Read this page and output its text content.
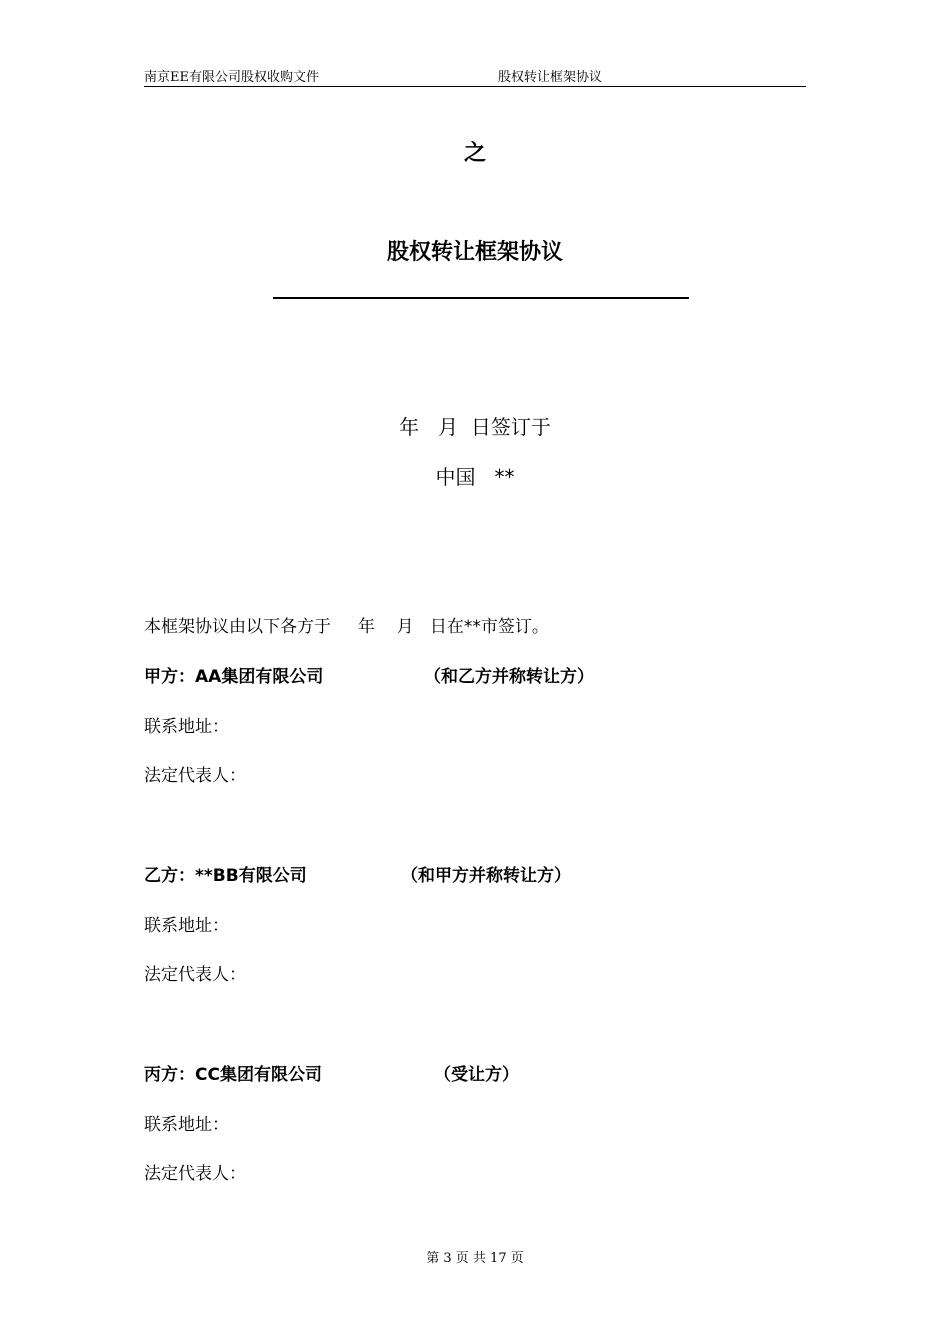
南京EE有限公司股权收购文件	股权转让框架协议
之
股权转让框架协议
年   月  日签订于
中国   **
本框架协议由以下各方于     年    月   日在**市签订。
甲方：AA集团有限公司	（和乙方并称转让方）
联系地址：
法定代表人：
乙方：**BB有限公司	（和甲方并称转让方）
联系地址：
法定代表人：
丙方：CC集团有限公司	（受让方）
联系地址：
法定代表人：
第 3 页 共 17 页
